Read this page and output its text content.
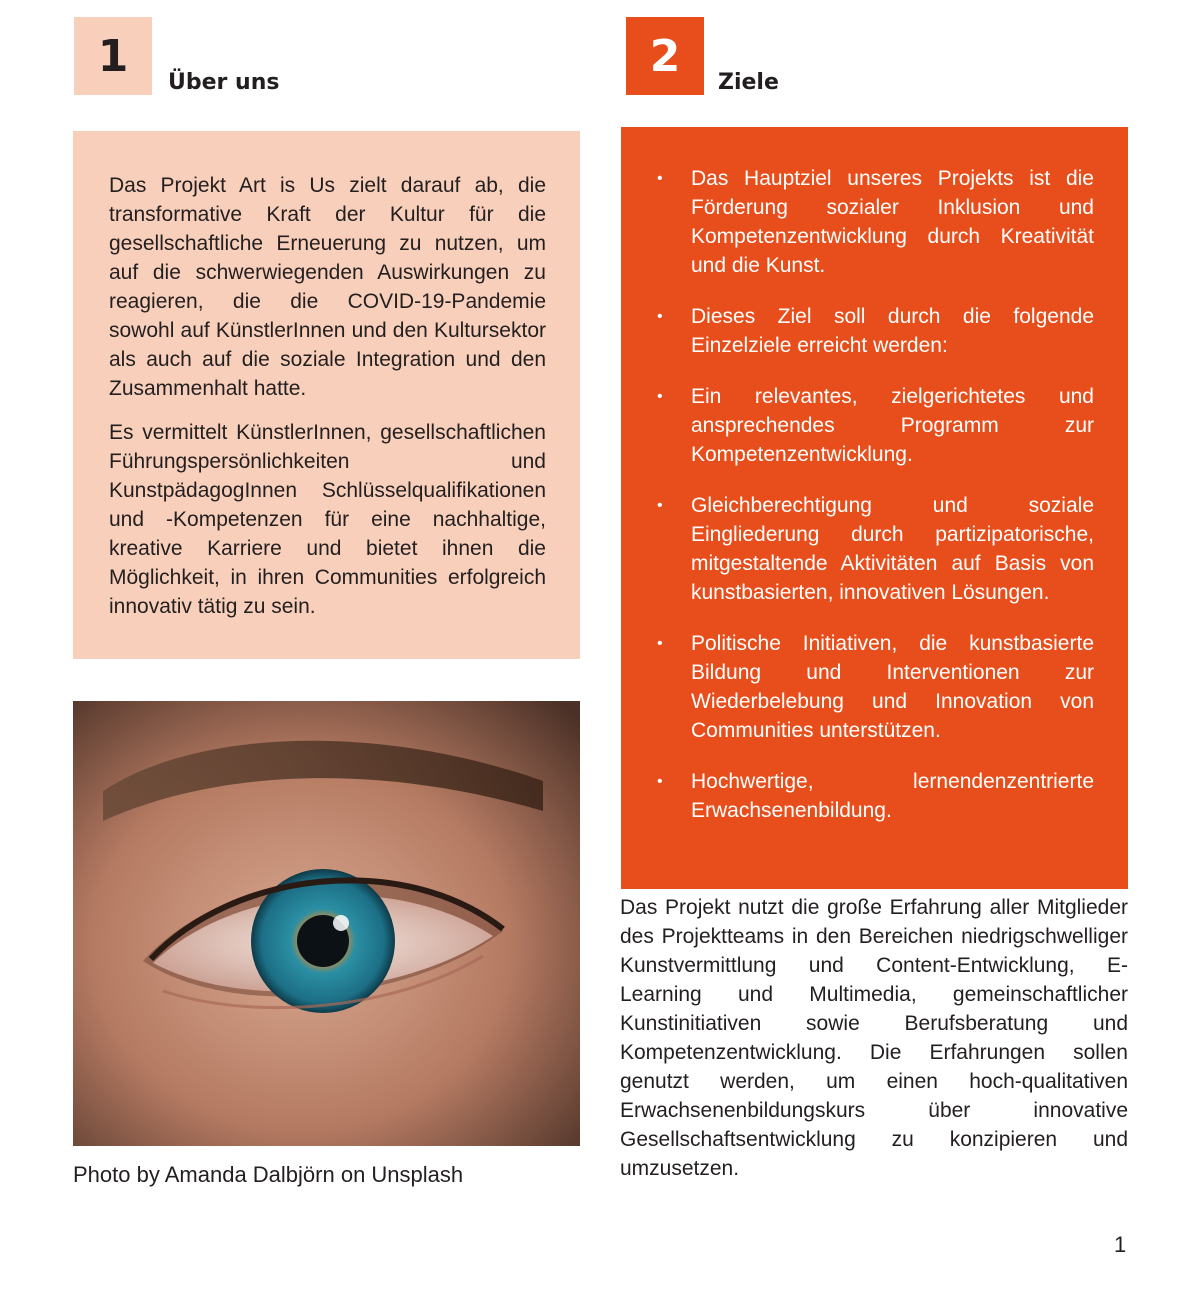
1
Über uns
2
Ziele

Das Projekt Art is Us zielt darauf ab, die transformative Kraft der Kultur für die gesellschaftliche Erneuerung zu nutzen, um auf die schwerwiegenden Auswirkungen zu reagieren, die die COVID-19-Pandemie sowohl auf KünstlerInnen und den Kultursektor als auch auf die soziale Integration und den Zusammenhalt hatte.

Es vermittelt KünstlerInnen, gesellschaftlichen Führungspersönlichkeiten und KunstpädagogInnen Schlüsselqualifikationen und -Kompetenzen für eine nachhaltige, kreative Karriere und bietet ihnen die Möglichkeit, in ihren Communities erfolgreich innovativ tätig zu sein.

• Das Hauptziel unseres Projekts ist die Förderung sozialer Inklusion und Kompetenzentwicklung durch Kreativität und die Kunst.
• Dieses Ziel soll durch die folgende Einzelziele erreicht werden:
• Ein relevantes, zielgerichtetes und ansprechendes Programm zur Kompetenzentwicklung.
• Gleichberechtigung und soziale Eingliederung durch partizipatorische, mitgestaltende Aktivitäten auf Basis von kunstbasierten, innovativen Lösungen.
• Politische Initiativen, die kunstbasierte Bildung und Interventionen zur Wiederbelebung und Innovation von Communities unterstützen.
• Hochwertige, lernendenzentrierte Erwachsenenbildung.
Photo by Amanda Dalbjörn on Unsplash

Das Projekt nutzt die große Erfahrung aller Mitglieder des Projektteams in den Bereichen niedrigschwelliger Kunstvermittlung und Content-Entwicklung, E-Learning und Multimedia, gemeinschaftlicher Kunstinitiativen sowie Berufsberatung und Kompetenzentwicklung. Die Erfahrungen sollen genutzt werden, um einen hoch-qualitativen Erwachsenenbildungskurs über innovative Gesellschaftsentwicklung zu konzipieren und umzusetzen.

1
